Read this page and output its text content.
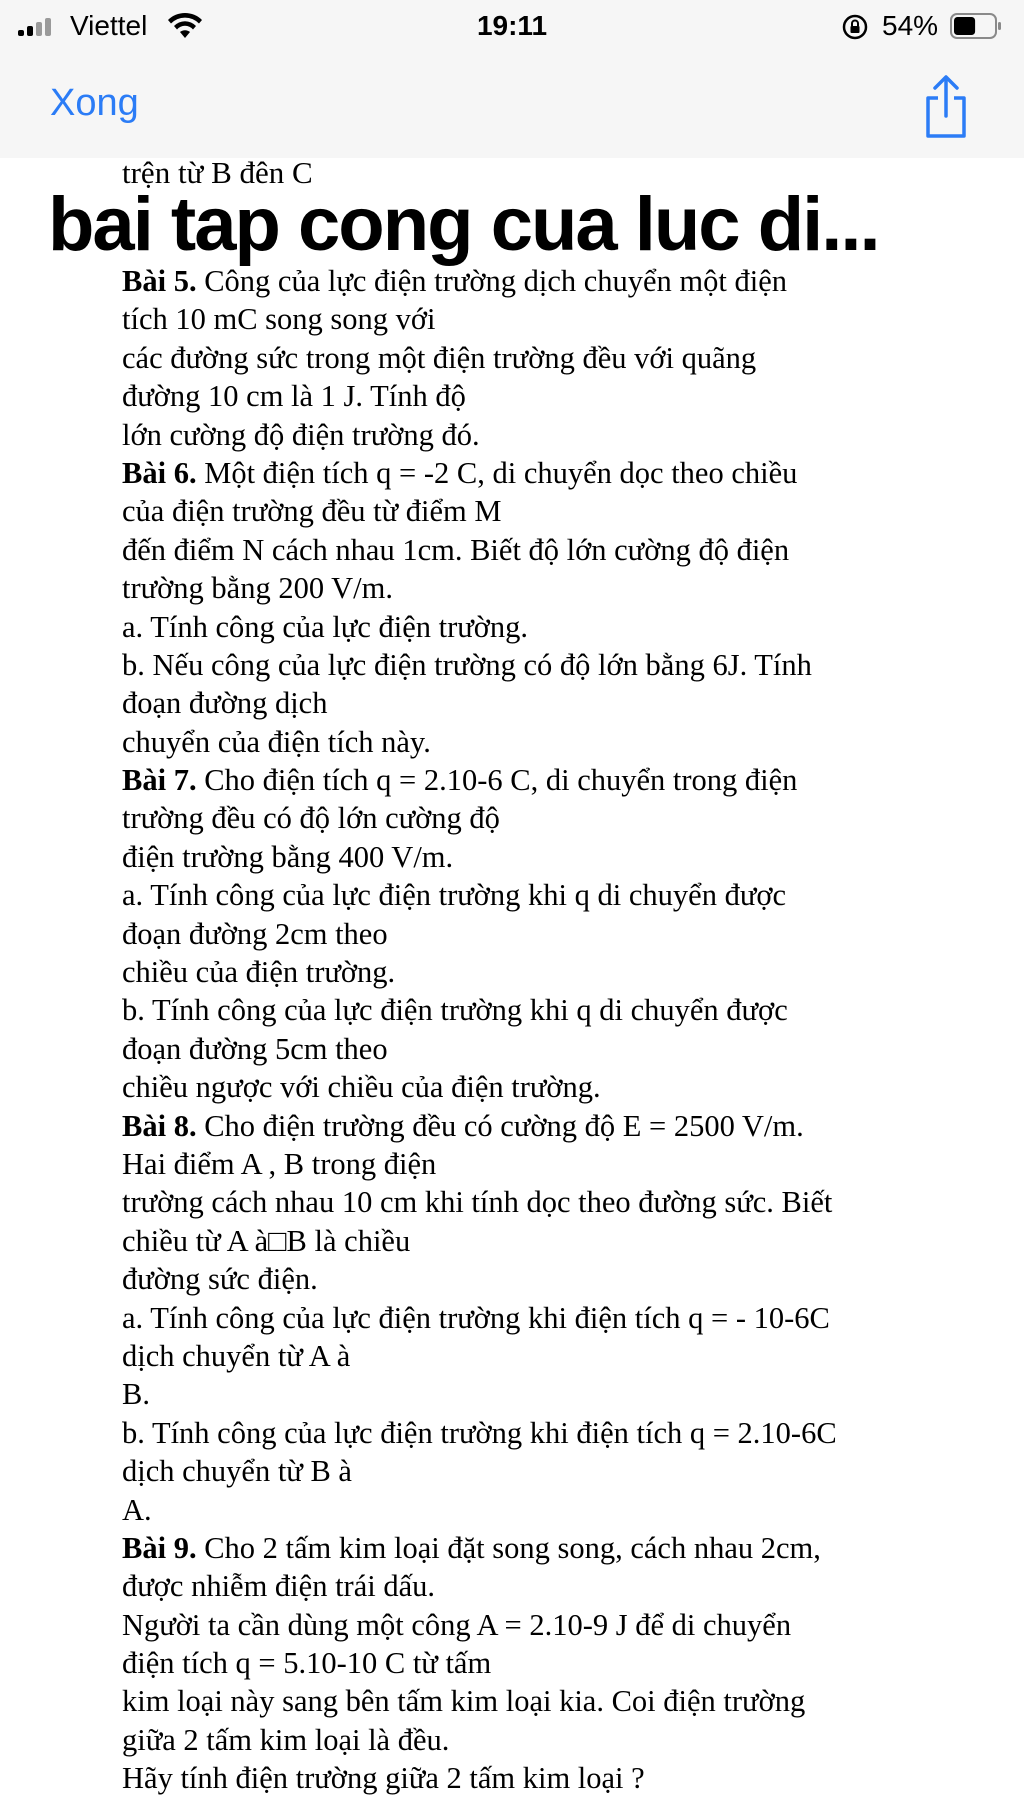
Viettel	19:11	54%
Xong
trện từ B đên C
bai tap cong cua luc di...
Bài 5. Công của lực điện trường dịch chuyển một điện
tích 10 mC song song với
các đường sức trong một điện trường đều với quãng
đường 10 cm là 1 J. Tính độ
lớn cường độ điện trường đó.
Bài 6. Một điện tích q = -2 C, di chuyển dọc theo chiều
của điện trường đều từ điểm M
đến điểm N cách nhau 1cm. Biết độ lớn cường độ điện
trường bằng 200 V/m.
a. Tính công của lực điện trường.
b. Nếu công của lực điện trường có độ lớn bằng 6J. Tính
đoạn đường dịch
chuyển của điện tích này.
Bài 7. Cho điện tích q = 2.10-6 C, di chuyển trong điện
trường đều có độ lớn cường độ
điện trường bằng 400 V/m.
a. Tính công của lực điện trường khi q di chuyển được
đoạn đường 2cm theo
chiều của điện trường.
b. Tính công của lực điện trường khi q di chuyển được
đoạn đường 5cm theo
chiều ngược với chiều của điện trường.
Bài 8. Cho điện trường đều có cường độ E = 2500 V/m.
Hai điểm A , B trong điện
trường cách nhau 10 cm khi tính dọc theo đường sức. Biết
chiều từ A à□B là chiều
đường sức điện.
a. Tính công của lực điện trường khi điện tích q = - 10-6C
dịch chuyển từ A à
B.
b. Tính công của lực điện trường khi điện tích q = 2.10-6C
dịch chuyển từ B à
A.
Bài 9. Cho 2 tấm kim loại đặt song song, cách nhau 2cm,
được nhiễm điện trái dấu.
Người ta cần dùng một công A = 2.10-9 J để di chuyển
điện tích q = 5.10-10 C từ tấm
kim loại này sang bên tấm kim loại kia. Coi điện trường
giữa 2 tấm kim loại là đều.
Hãy tính điện trường giữa 2 tấm kim loại ?
